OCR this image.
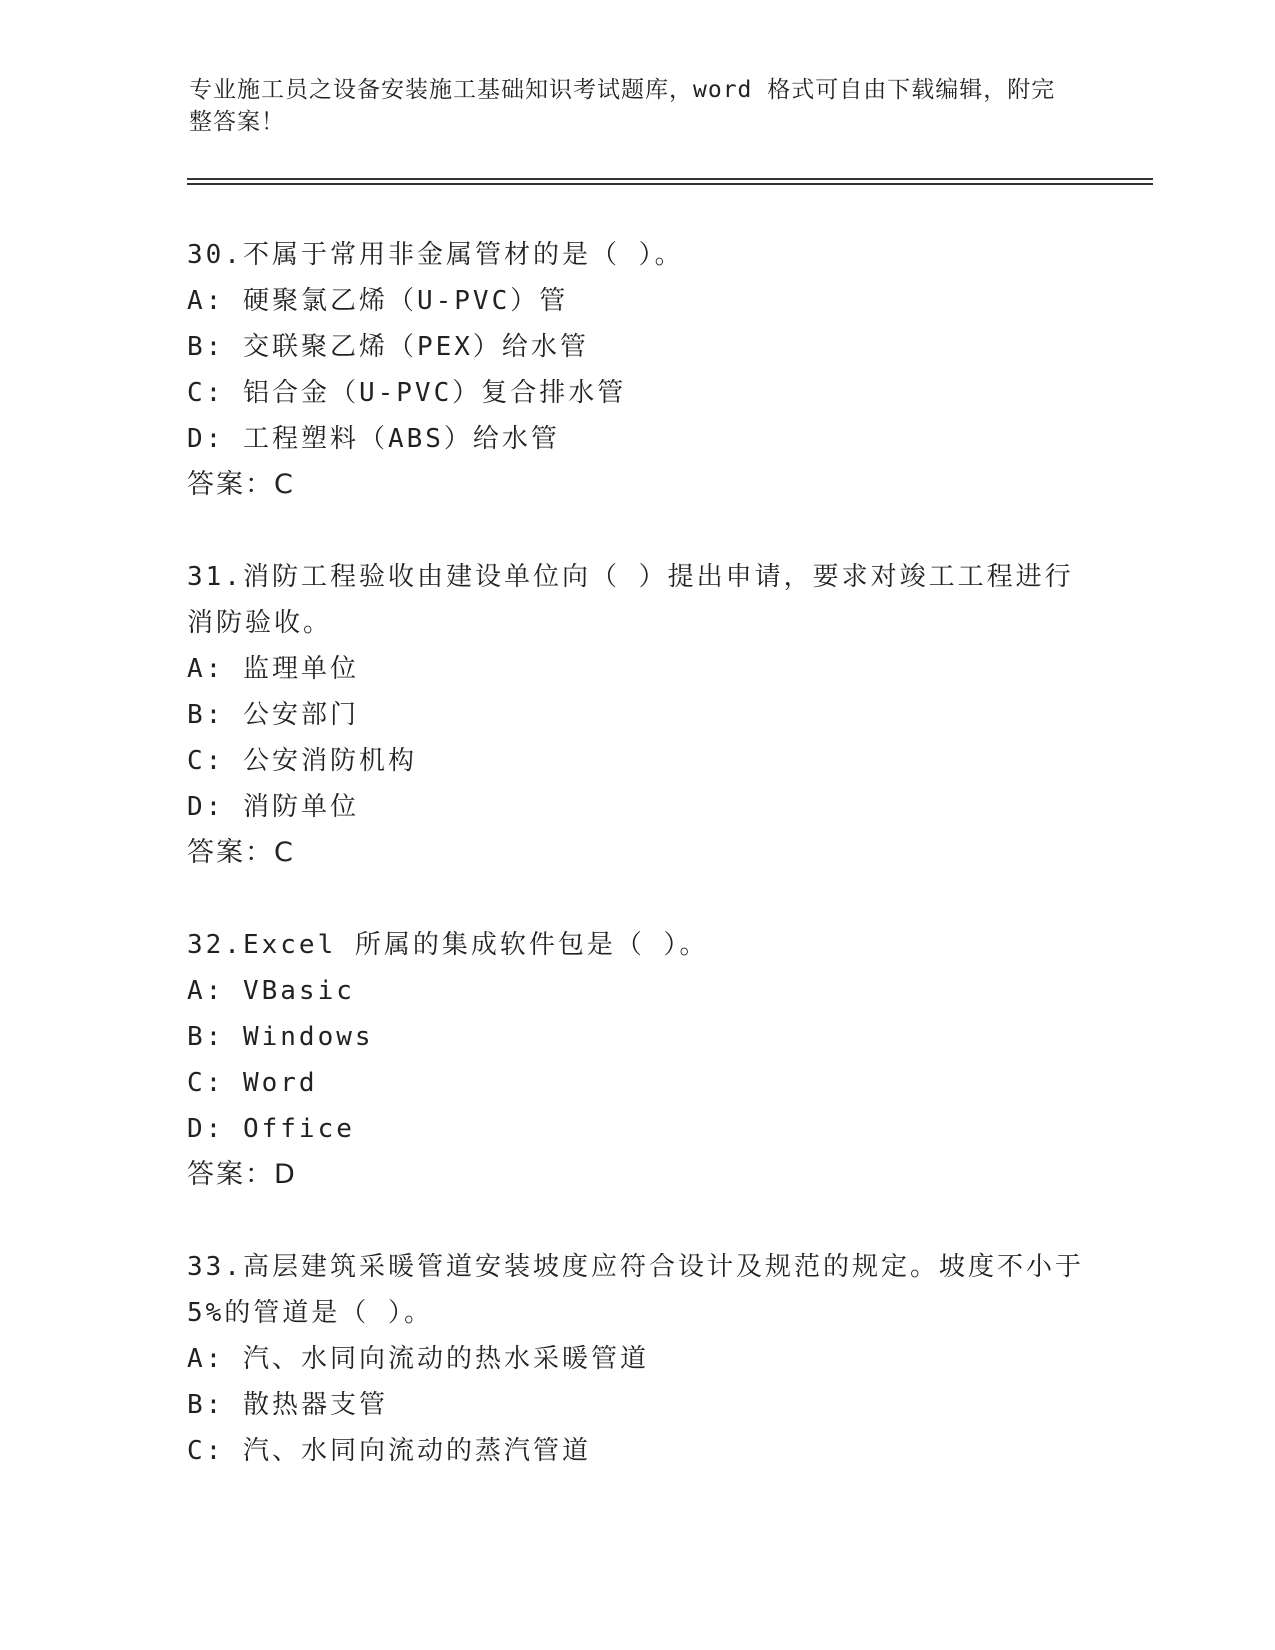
专业施工员之设备安装施工基础知识考试题库，word 格式可自由下载编辑，附完
整答案！
30.不属于常用非金属管材的是（ ）。
A: 硬聚氯乙烯（U-PVC）管
B: 交联聚乙烯（PEX）给水管
C: 铝合金（U-PVC）复合排水管
D: 工程塑料（ABS）给水管
答案：C
31.消防工程验收由建设单位向（ ）提出申请，要求对竣工工程进行
消防验收。
A: 监理单位
B: 公安部门
C: 公安消防机构
D: 消防单位
答案：C
32.Excel 所属的集成软件包是（ ）。
A: VBasic
B: Windows
C: Word
D: Office
答案：D
33.高层建筑采暖管道安装坡度应符合设计及规范的规定。坡度不小于
5%的管道是（ ）。
A: 汽、水同向流动的热水采暖管道
B: 散热器支管
C: 汽、水同向流动的蒸汽管道
